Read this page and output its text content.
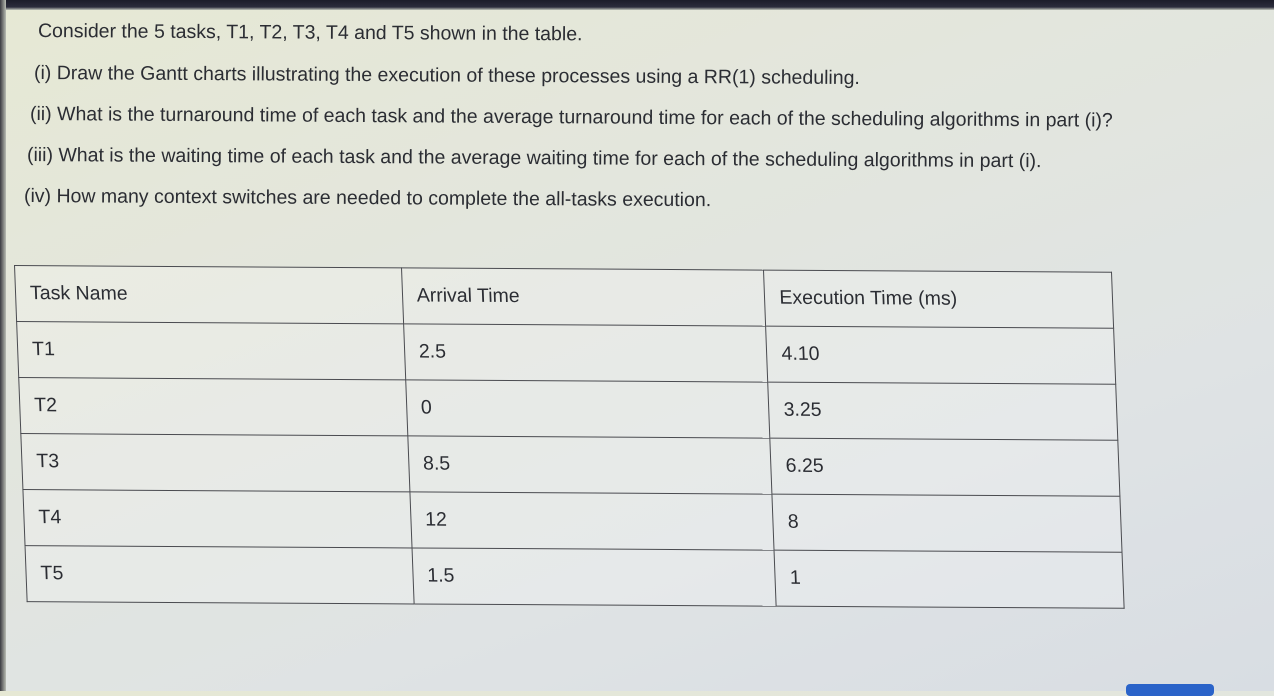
Consider the 5 tasks, T1, T2, T3, T4 and T5 shown in the table.
(i) Draw the Gantt charts illustrating the execution of these processes using a RR(1) scheduling.
(ii) What is the turnaround time of each task and the average turnaround time for each of the scheduling algorithms in part (i)?
(iii) What is the waiting time of each task and the average waiting time for each of the scheduling algorithms in part (i).
(iv) How many context switches are needed to complete the all-tasks execution.
Task Name	Arrival Time	Execution Time (ms)
T1	2.5	4.10
T2	0	3.25
T3	8.5	6.25
T4	12	8
T5	1.5	1
